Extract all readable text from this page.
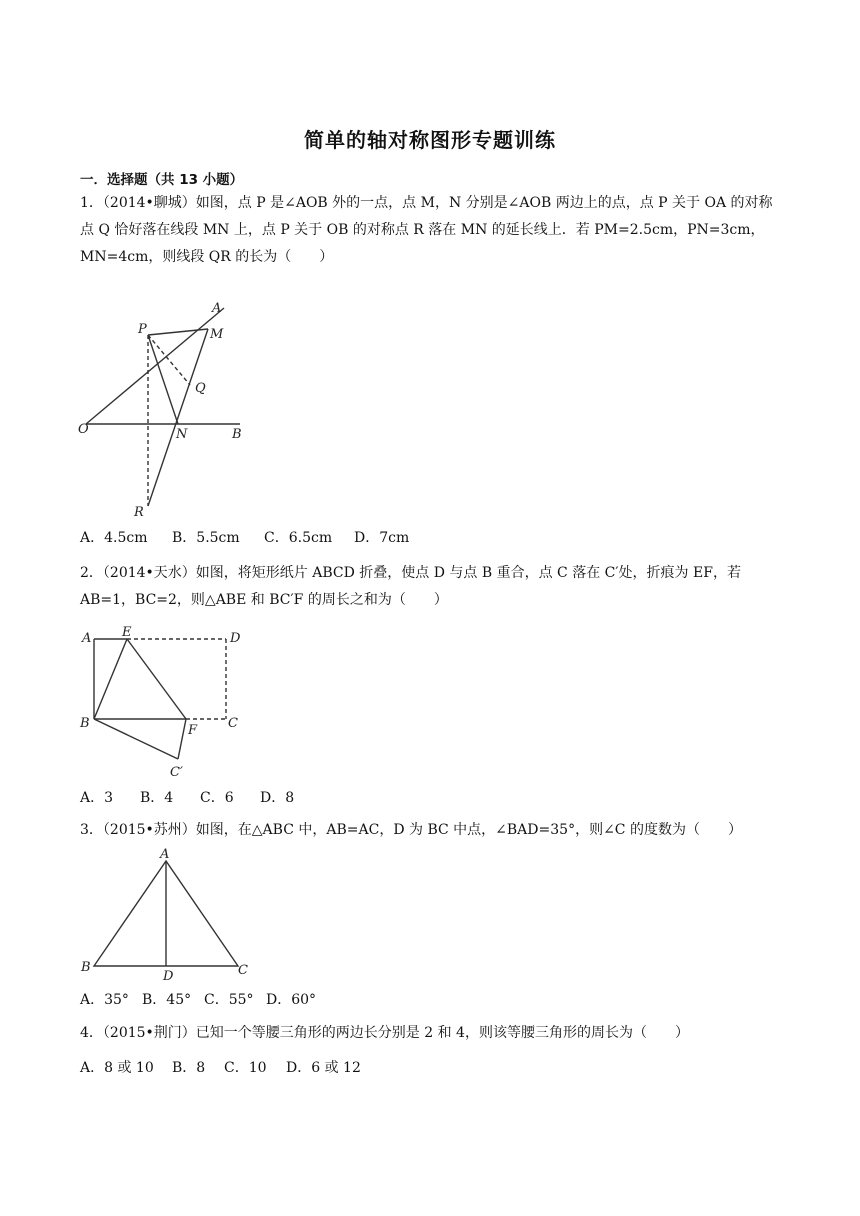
简单的轴对称图形专题训练
一．选择题（共 13 小题）
1．（2014•聊城）如图，点 P 是∠AOB 外的一点，点 M，N 分别是∠AOB 两边上的点，点 P 关于 OA 的对称点 Q 恰好落在线段 MN 上，点 P 关于 OB 的对称点 R 落在 MN 的延长线上．若 PM=2.5cm，PN=3cm，MN=4cm，则线段 QR 的长为（　　）
A
P	M
Q
O	N	B
R
A．4.5cm B．5.5cm C．6.5cm D．7cm
2．（2014•天水）如图，将矩形纸片 ABCD 折叠，使点 D 与点 B 重合，点 C 落在 C′处，折痕为 EF，若 AB=1，BC=2，则△ABE 和 BC′F 的周长之和为（　　）
A E	D
B	F C
C′
A．3 B．4 C．6 D．8
3．（2015•苏州）如图，在△ABC 中，AB=AC，D 为 BC 中点，∠BAD=35°，则∠C 的度数为（　　）
A
B
D	C
A．35° B．45° C．55° D．60°
4．（2015•荆门）已知一个等腰三角形的两边长分别是 2 和 4，则该等腰三角形的周长为（　　）
A．8 或 10 B．8 C．10 D．6 或 12
